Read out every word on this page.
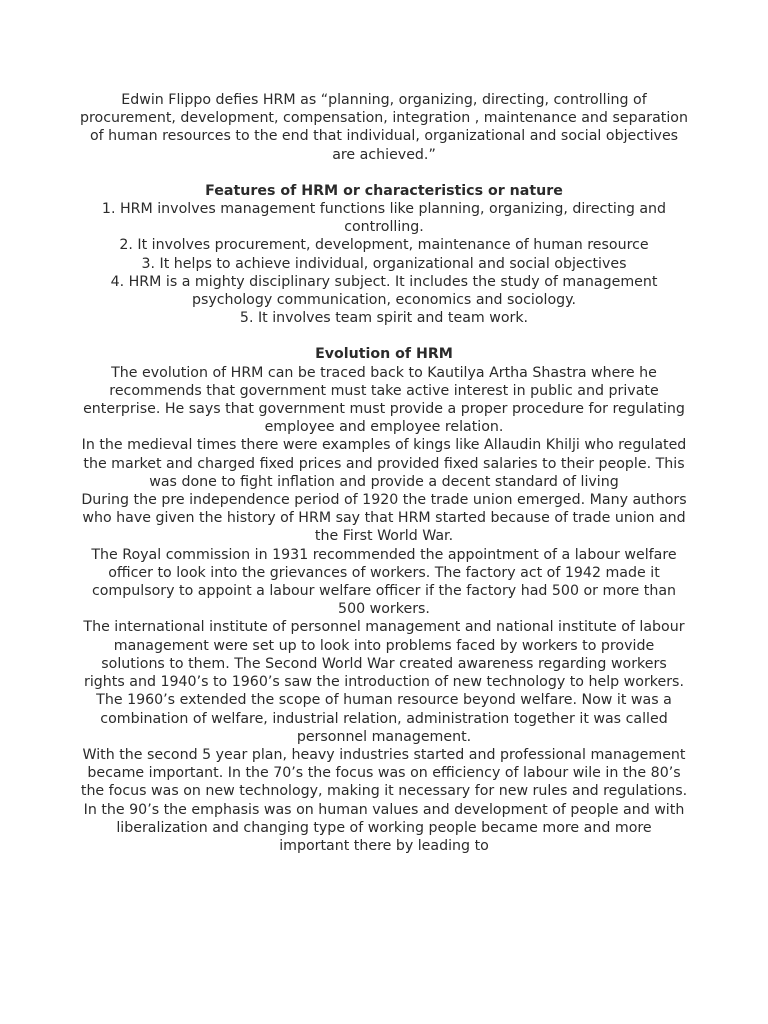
Edwin Flippo defies HRM as “planning, organizing, directing, controlling of procurement, development, compensation, integration , maintenance and separation of human resources to the end that individual, organizational and social objectives are achieved.”

Features of HRM or characteristics or nature

1. HRM involves management functions like planning, organizing, directing and controlling.

2. It involves procurement, development, maintenance of human resource

3. It helps to achieve individual, organizational and social objectives

4. HRM is a mighty disciplinary subject. It includes the study of management psychology communication, economics and sociology.

5. It involves team spirit and team work.

Evolution of HRM

The evolution of HRM can be traced back to Kautilya Artha Shastra where he recommends that government must take active interest in public and private enterprise. He says that government must provide a proper procedure for regulating employee and employee relation.

In the medieval times there were examples of kings like Allaudin Khilji who regulated the market and charged fixed prices and provided fixed salaries to their people. This was done to fight inflation and provide a decent standard of living

During the pre independence period of 1920 the trade union emerged. Many authors who have given the history of HRM say that HRM started because of trade union and the First World War.

The Royal commission in 1931 recommended the appointment of a labour welfare officer to look into the grievances of workers. The factory act of 1942 made it compulsory to appoint a labour welfare officer if the factory had 500 or more than 500 workers.

The international institute of personnel management and national institute of labour management were set up to look into problems faced by workers to provide solutions to them. The Second World War created awareness regarding workers rights and 1940’s to 1960’s saw the introduction of new technology to help workers.

The 1960’s extended the scope of human resource beyond welfare. Now it was a combination of welfare, industrial relation, administration together it was called personnel management.

With the second 5 year plan, heavy industries started and professional management became important. In the 70’s the focus was on efficiency of labour wile in the 80’s the focus was on new technology, making it necessary for new rules and regulations. In the 90’s the emphasis was on human values and development of people and with liberalization and changing type of working people became more and more important there by leading to
